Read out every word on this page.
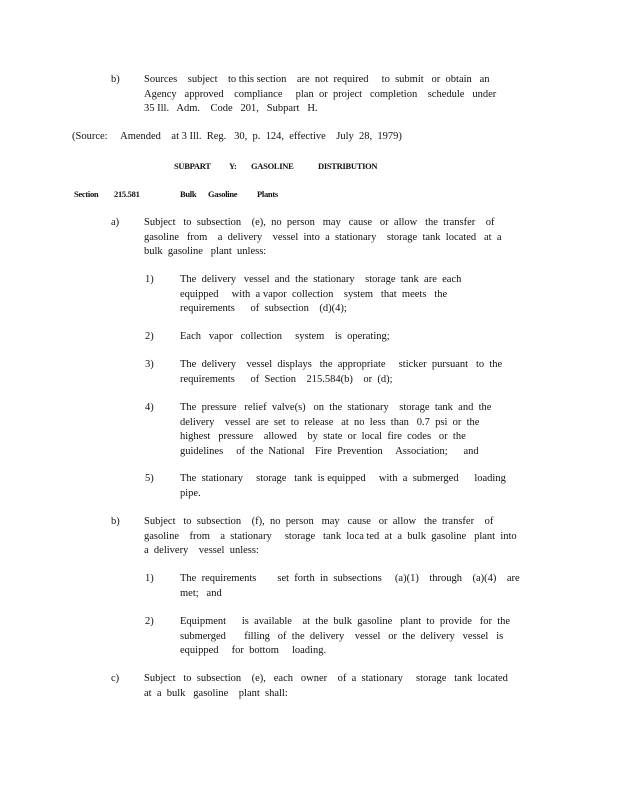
b) Sources    subject    to this section    are  not  required     to  submit   or  obtain   an
Agency   approved    compliance     plan  or  project   completion    schedule   under
35 Ill.   Adm.    Code   201,   Subpart   H.
(Source:     Amended    at 3 Ill.  Reg.   30,  p.  124,  effective    July  28,  1979)
SUBPART Y: GASOLINE	DISTRIBUTION
Section 215.581	Bulk Gasoline Plants
a) Subject   to  subsection    (e),  no  person   may   cause   or  allow   the  transfer    of
gasoline   from    a  delivery    vessel  into  a  stationary    storage  tank  located   at  a
bulk  gasoline   plant  unless:
1)	The  delivery   vessel  and  the  stationary    storage  tank  are  each
equipped     with  a vapor  collection    system   that  meets   the
requirements      of  subsection    (d)(4);
2)	Each   vapor   collection     system    is  operating;
3)	The  delivery    vessel  displays   the  appropriate     sticker  pursuant   to  the
requirements      of  Section    215.584(b)    or  (d);
4)	The  pressure   relief  valve(s)   on  the  stationary    storage  tank  and  the
delivery    vessel  are  set  to  release   at  no  less  than   0.7  psi  or  the
highest   pressure    allowed    by  state  or  local  fire  codes   or  the
guidelines     of  the  National    Fire  Prevention     Association;      and
5)	The  stationary     storage   tank  is equipped     with  a  submerged      loading
pipe.
b) Subject   to  subsection    (f),  no  person   may   cause   or  allow   the  transfer    of
gasoline    from    a  stationary     storage   tank  loca ted  at  a  bulk  gasoline   plant  into
a  delivery    vessel  unless:
1)	The  requirements        set  forth  in  subsections     (a)(1)    through    (a)(4)    are
met;   and
2)	Equipment      is  available    at  the  bulk  gasoline   plant  to  provide   for  the
submerged       filling   of  the  delivery    vessel   or  the  delivery   vessel   is
equipped     for  bottom     loading.
c) Subject   to  subsection    (e),   each   owner    of  a  stationary     storage   tank  located
at  a  bulk   gasoline    plant  shall:
